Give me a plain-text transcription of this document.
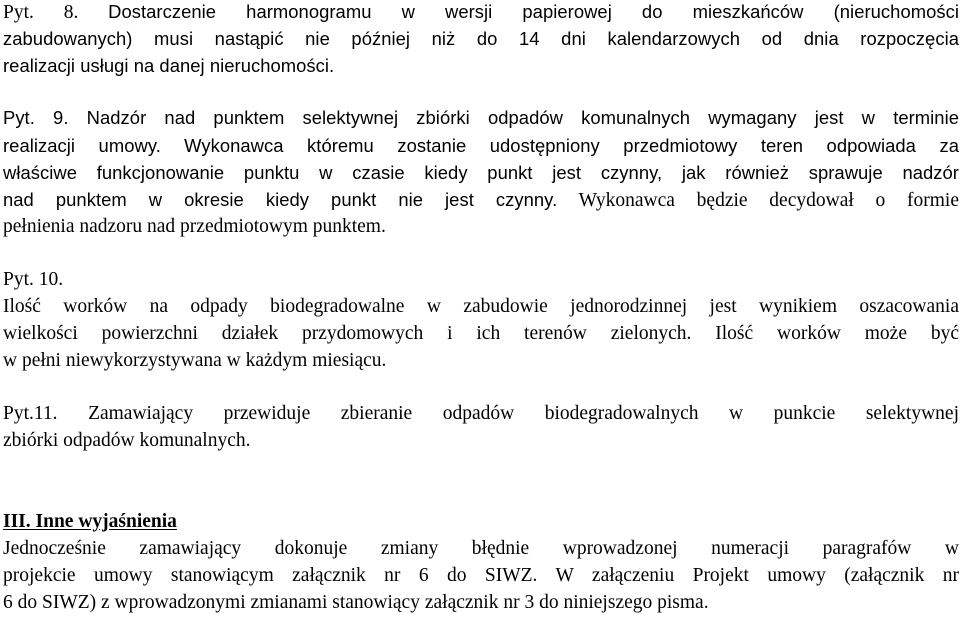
Pyt. 8. Dostarczenie harmonogramu w wersji papierowej do mieszkańców (nieruchomości
zabudowanych) musi nastąpić nie później niż do 14 dni kalendarzowych od dnia rozpoczęcia
realizacji usługi na danej nieruchomości.
Pyt. 9. Nadzór nad punktem selektywnej zbiórki odpadów komunalnych wymagany jest w terminie
realizacji umowy. Wykonawca któremu zostanie udostępniony przedmiotowy teren odpowiada za
właściwe funkcjonowanie punktu w czasie kiedy punkt jest czynny, jak również sprawuje nadzór
nad punktem w okresie kiedy punkt nie jest czynny. Wykonawca będzie decydował o formie
pełnienia nadzoru nad przedmiotowym punktem.
Pyt. 10.
Ilość worków na odpady biodegradowalne w zabudowie jednorodzinnej jest wynikiem oszacowania
wielkości powierzchni działek przydomowych i ich terenów zielonych. Ilość worków może być
w pełni niewykorzystywana w każdym miesiącu.
Pyt.11. Zamawiający przewiduje zbieranie odpadów biodegradowalnych w punkcie selektywnej
zbiórki odpadów komunalnych.
III. Inne wyjaśnienia
Jednocześnie zamawiający dokonuje zmiany błędnie wprowadzonej numeracji paragrafów w
projekcie umowy stanowiącym załącznik nr 6 do SIWZ. W załączeniu Projekt umowy (załącznik nr
6 do SIWZ) z wprowadzonymi zmianami stanowiący załącznik nr 3 do niniejszego pisma.
